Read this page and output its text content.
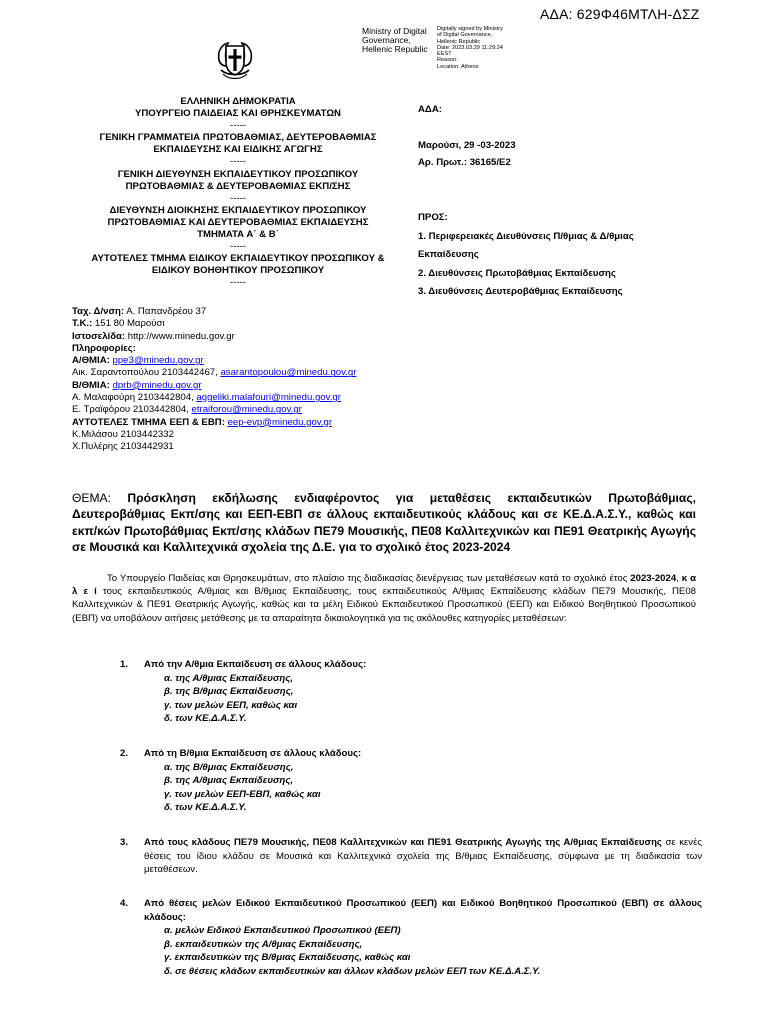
ΑΔΑ: 629Φ46ΜΤΛΗ-ΔΣΖ
Ministry of Digital
Governance,
Hellenic Republic
Digitally signed by Ministry
of Digital Governance,
Hellenic Republic
Date: 2023.03.29 11:29:24
EEST
Reason:
Location: Athens
ΕΛΛΗΝΙΚΗ ΔΗΜΟΚΡΑΤΙΑ
ΥΠΟΥΡΓΕΙΟ ΠΑΙΔΕΙΑΣ ΚΑΙ ΘΡΗΣΚΕΥΜΑΤΩΝ
-----
ΓΕΝΙΚΗ ΓΡΑΜΜΑΤΕΙΑ ΠΡΩΤΟΒΑΘΜΙΑΣ, ΔΕΥΤΕΡΟΒΑΘΜΙΑΣ
ΕΚΠΑΙΔΕΥΣΗΣ ΚΑΙ ΕΙΔΙΚΗΣ ΑΓΩΓΗΣ
-----
ΓΕΝΙΚΗ ΔΙΕΥΘΥΝΣΗ ΕΚΠΑΙΔΕΥΤΙΚΟΥ ΠΡΟΣΩΠΙΚΟΥ
ΠΡΩΤΟΒΑΘΜΙΑΣ & ΔΕΥΤΕΡΟΒΑΘΜΙΑΣ ΕΚΠ/ΣΗΣ
-----
ΔΙΕΥΘΥΝΣΗ ΔΙΟΙΚΗΣΗΣ ΕΚΠΑΙΔΕΥΤΙΚΟΥ ΠΡΟΣΩΠΙΚΟΥ
ΠΡΩΤΟΒΑΘΜΙΑΣ ΚΑΙ ΔΕΥΤΕΡΟΒΑΘΜΙΑΣ ΕΚΠΑΙΔΕΥΣΗΣ
ΤΜΗΜΑΤΑ Α΄ & Β΄
-----
ΑΥΤΟΤΕΛΕΣ ΤΜΗΜΑ ΕΙΔΙΚΟΥ ΕΚΠΑΙΔΕΥΤΙΚΟΥ ΠΡΟΣΩΠΙΚΟΥ &
ΕΙΔΙΚΟΥ ΒΟΗΘΗΤΙΚΟΥ ΠΡΟΣΩΠΙΚΟΥ
-----
ΑΔΑ:
Μαρούσι, 29 -03-2023
Αρ. Πρωτ.: 36165/Ε2
ΠΡΟΣ:
1. Περιφερειακές Διευθύνσεις Π/θμιας & Δ/θμιας
Εκπαίδευσης
2. Διευθύνσεις Πρωτοβάθμιας Εκπαίδευσης
3. Διευθύνσεις Δευτεροβάθμιας Εκπαίδευσης
Ταχ. Δ/νση: Α. Παπανδρέου 37
Τ.Κ.: 151 80 Μαρούσι
Ιστοσελίδα: http://www.minedu.gov.gr
Πληροφορίες:
Α/ΘΜΙΑ: ppe3@minedu.gov.gr
Αικ. Σαραντοπούλου 2103442467, asarantopoulou@minedu.gov.gr
Β/ΘΜΙΑ: dprb@minedu.gov.gr
Α. Μαλαφούρη 2103442804, aggeliki.malafouri@minedu.gov.gr
Ε. Τραϊφόρου 2103442804, etraiforou@minedu.gov.gr
ΑΥΤΟΤΕΛΕΣ ΤΜΗΜΑ ΕΕΠ & ΕΒΠ: eep-evp@minedu.gov.gr
Κ.Μιλάσου 2103442332
Χ.Πυλέρης 2103442931
ΘΕΜΑ: Πρόσκληση εκδήλωσης ενδιαφέροντος για μεταθέσεις εκπαιδευτικών Πρωτοβάθμιας, Δευτεροβάθμιας Εκπ/σης και ΕΕΠ-ΕΒΠ σε άλλους εκπαιδευτικούς κλάδους και σε ΚΕ.Δ.Α.Σ.Υ., καθώς και εκπ/κών Πρωτοβάθμιας Εκπ/σης κλάδων ΠΕ79 Μουσικής, ΠΕ08 Καλλιτεχνικών και ΠΕ91 Θεατρικής Αγωγής σε Μουσικά και Καλλιτεχνικά σχολεία της Δ.Ε. για το σχολικό έτος 2023-2024
Το Υπουργείο Παιδείας και Θρησκευμάτων, στο πλαίσιο της διαδικασίας διενέργειας των μεταθέσεων κατά το σχολικό έτος 2023-2024, κ α λ ε ί τους εκπαιδευτικούς Α/θμιας και Β/θμιας Εκπαίδευσης, τους εκπαιδευτικούς Α/θμιας Εκπαίδευσης κλάδων ΠΕ79 Μουσικής, ΠΕ08 Καλλιτεχνικών & ΠΕ91 Θεατρικής Αγωγής, καθώς και τα μέλη Ειδικού Εκπαιδευτικού Προσωπικού (ΕΕΠ) και Ειδικού Βοηθητικού Προσωπικού (ΕΒΠ) να υποβάλουν αιτήσεις μετάθεσης με τα απαραίτητα δικαιολογητικά για τις ακόλουθες κατηγορίες μεταθέσεων:
1. Από την Α/θμια Εκπαίδευση σε άλλους κλάδους:
α. της Α/θμιας Εκπαίδευσης,
β. της Β/θμιας Εκπαίδευσης,
γ. των μελών ΕΕΠ, καθώς και
δ. των ΚΕ.Δ.Α.Σ.Υ.
2. Από τη Β/θμια Εκπαίδευση σε άλλους κλάδους:
α. της Β/θμιας Εκπαίδευσης,
β. της Α/θμιας Εκπαίδευσης,
γ. των μελών ΕΕΠ-ΕΒΠ, καθώς και
δ. των ΚΕ.Δ.Α.Σ.Υ.
3. Από τους κλάδους ΠΕ79 Μουσικής, ΠΕ08 Καλλιτεχνικών και ΠΕ91 Θεατρικής Αγωγής της Α/θμιας Εκπαίδευσης σε κενές θέσεις του ίδιου κλάδου σε Μουσικά και Καλλιτεχνικά σχολεία της Β/θμιας Εκπαίδευσης, σύμφωνα με τη διαδικασία των μεταθέσεων.
4. Από θέσεις μελών Ειδικού Εκπαιδευτικού Προσωπικού (ΕΕΠ) και Ειδικού Βοηθητικού Προσωπικού (ΕΒΠ) σε άλλους κλάδους:
α. μελών Ειδικού Εκπαιδευτικού Προσωπικού (ΕΕΠ)
β. εκπαιδευτικών της Α/θμιας Εκπαίδευσης,
γ. εκπαιδευτικών της Β/θμιας Εκπαίδευσης, καθώς και
δ. σε θέσεις κλάδων εκπαιδευτικών και άλλων κλάδων μελών ΕΕΠ των ΚΕ.Δ.Α.Σ.Υ.
